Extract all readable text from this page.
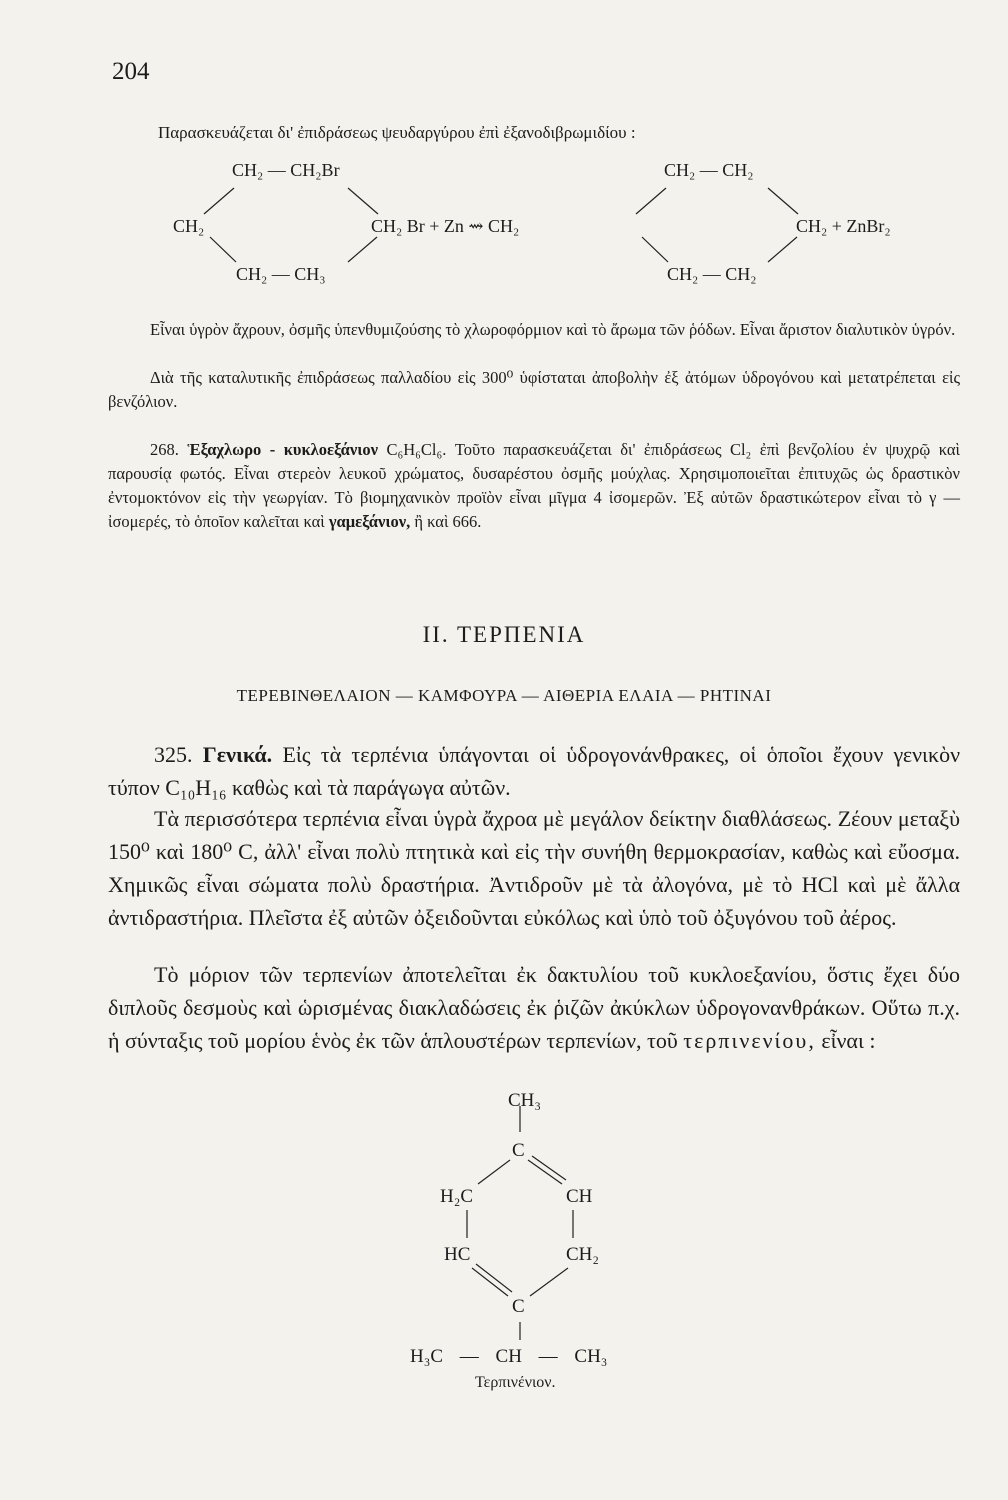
204
Παρασκευάζεται δι' ἐπιδράσεως ψευδαργύρου ἐπὶ ἐξανοδιβρωμιδίου :
CH₂ — CH₂Br
CH₂	CH₂ Br + Zn ⇝ CH₂
CH₂ — CH₃
CH₂ — CH₂
CH₂ + ZnBr₂
CH₂ — CH₂
Εἶναι ὑγρὸν ἄχρουν, ὀσμῆς ὑπενθυμιζούσης τὸ χλωροφόρμιον καὶ τὸ ἄρωμα τῶν ῥόδων. Εἶναι ἄριστον διαλυτικὸν ὑγρόν.
Διὰ τῆς καταλυτικῆς ἐπιδράσεως παλλαδίου εἰς 300⁰ ὑφίσταται ἀποβολὴν ἐξ ἀτόμων ὑδρογόνου καὶ μετατρέπεται εἰς βενζόλιον.
268. Ἑξαχλωρο - κυκλοεξάνιον C₆H₆Cl₆. Τοῦτο παρασκευάζεται δι' ἐπιδράσεως Cl₂ ἐπὶ βενζολίου ἐν ψυχρῷ καὶ παρουσίᾳ φωτός. Εἶναι στερεὸν λευκοῦ χρώματος, δυσαρέστου ὀσμῆς μούχλας. Χρησιμοποιεῖται ἐπιτυχῶς ὡς δραστικὸν ἐντομοκτόνον εἰς τὴν γεωργίαν. Τὸ βιομηχανικὸν προϊὸν εἶναι μῖγμα 4 ἰσομερῶν. Ἐξ αὐτῶν δραστικώτερον εἶναι τὸ γ — ἰσομερές, τὸ ὁποῖον καλεῖται καὶ γαμεξάνιον, ἢ καὶ 666.
ΙΙ. ΤΕΡΠΕΝΙΑ
ΤΕΡΕΒΙΝΘΕΛΑΙΟΝ — ΚΑΜΦΟΥΡΑ — ΑΙΘΕΡΙΑ ΕΛΑΙΑ — ΡΗΤΙΝΑΙ
325. Γενικά. Εἰς τὰ τερπένια ὑπάγονται οἱ ὑδρογονάνθρακες, οἱ ὁποῖοι ἔχουν γενικὸν τύπον C₁₀H₁₆ καθὼς καὶ τὰ παράγωγα αὐτῶν.
Τὰ περισσότερα τερπένια εἶναι ὑγρὰ ἄχροα μὲ μεγάλον δείκτην διαθλάσεως. Ζέουν μεταξὺ 150⁰ καὶ 180⁰ C, ἀλλ' εἶναι πολὺ πτητικὰ καὶ εἰς τὴν συνήθη θερμοκρασίαν, καθὼς καὶ εὔοσμα. Χημικῶς εἶναι σώματα πολὺ δραστήρια. Ἀντιδροῦν μὲ τὰ ἀλογόνα, μὲ τὸ HCl καὶ μὲ ἄλλα ἀντιδραστήρια. Πλεῖστα ἐξ αὐτῶν ὀξειδοῦνται εὐκόλως καὶ ὑπὸ τοῦ ὀξυγόνου τοῦ ἀέρος.
Τὸ μόριον τῶν τερπενίων ἀποτελεῖται ἐκ δακτυλίου τοῦ κυκλοεξανίου, ὅστις ἔχει δύο διπλοῦς δεσμοὺς καὶ ὡρισμένας διακλαδώσεις ἐκ ῥιζῶν ἀκύκλων ὑδρογονανθράκων. Οὕτω π.χ. ἡ σύνταξις τοῦ μορίου ἑνὸς ἐκ τῶν ἁπλουστέρων τερπενίων, τοῦ τερπινενίου, εἶναι :
CH₃
C
H₂C	CH
HC	CH₂
C
H₃C — CH — CH₃
Τερπινένιον.
